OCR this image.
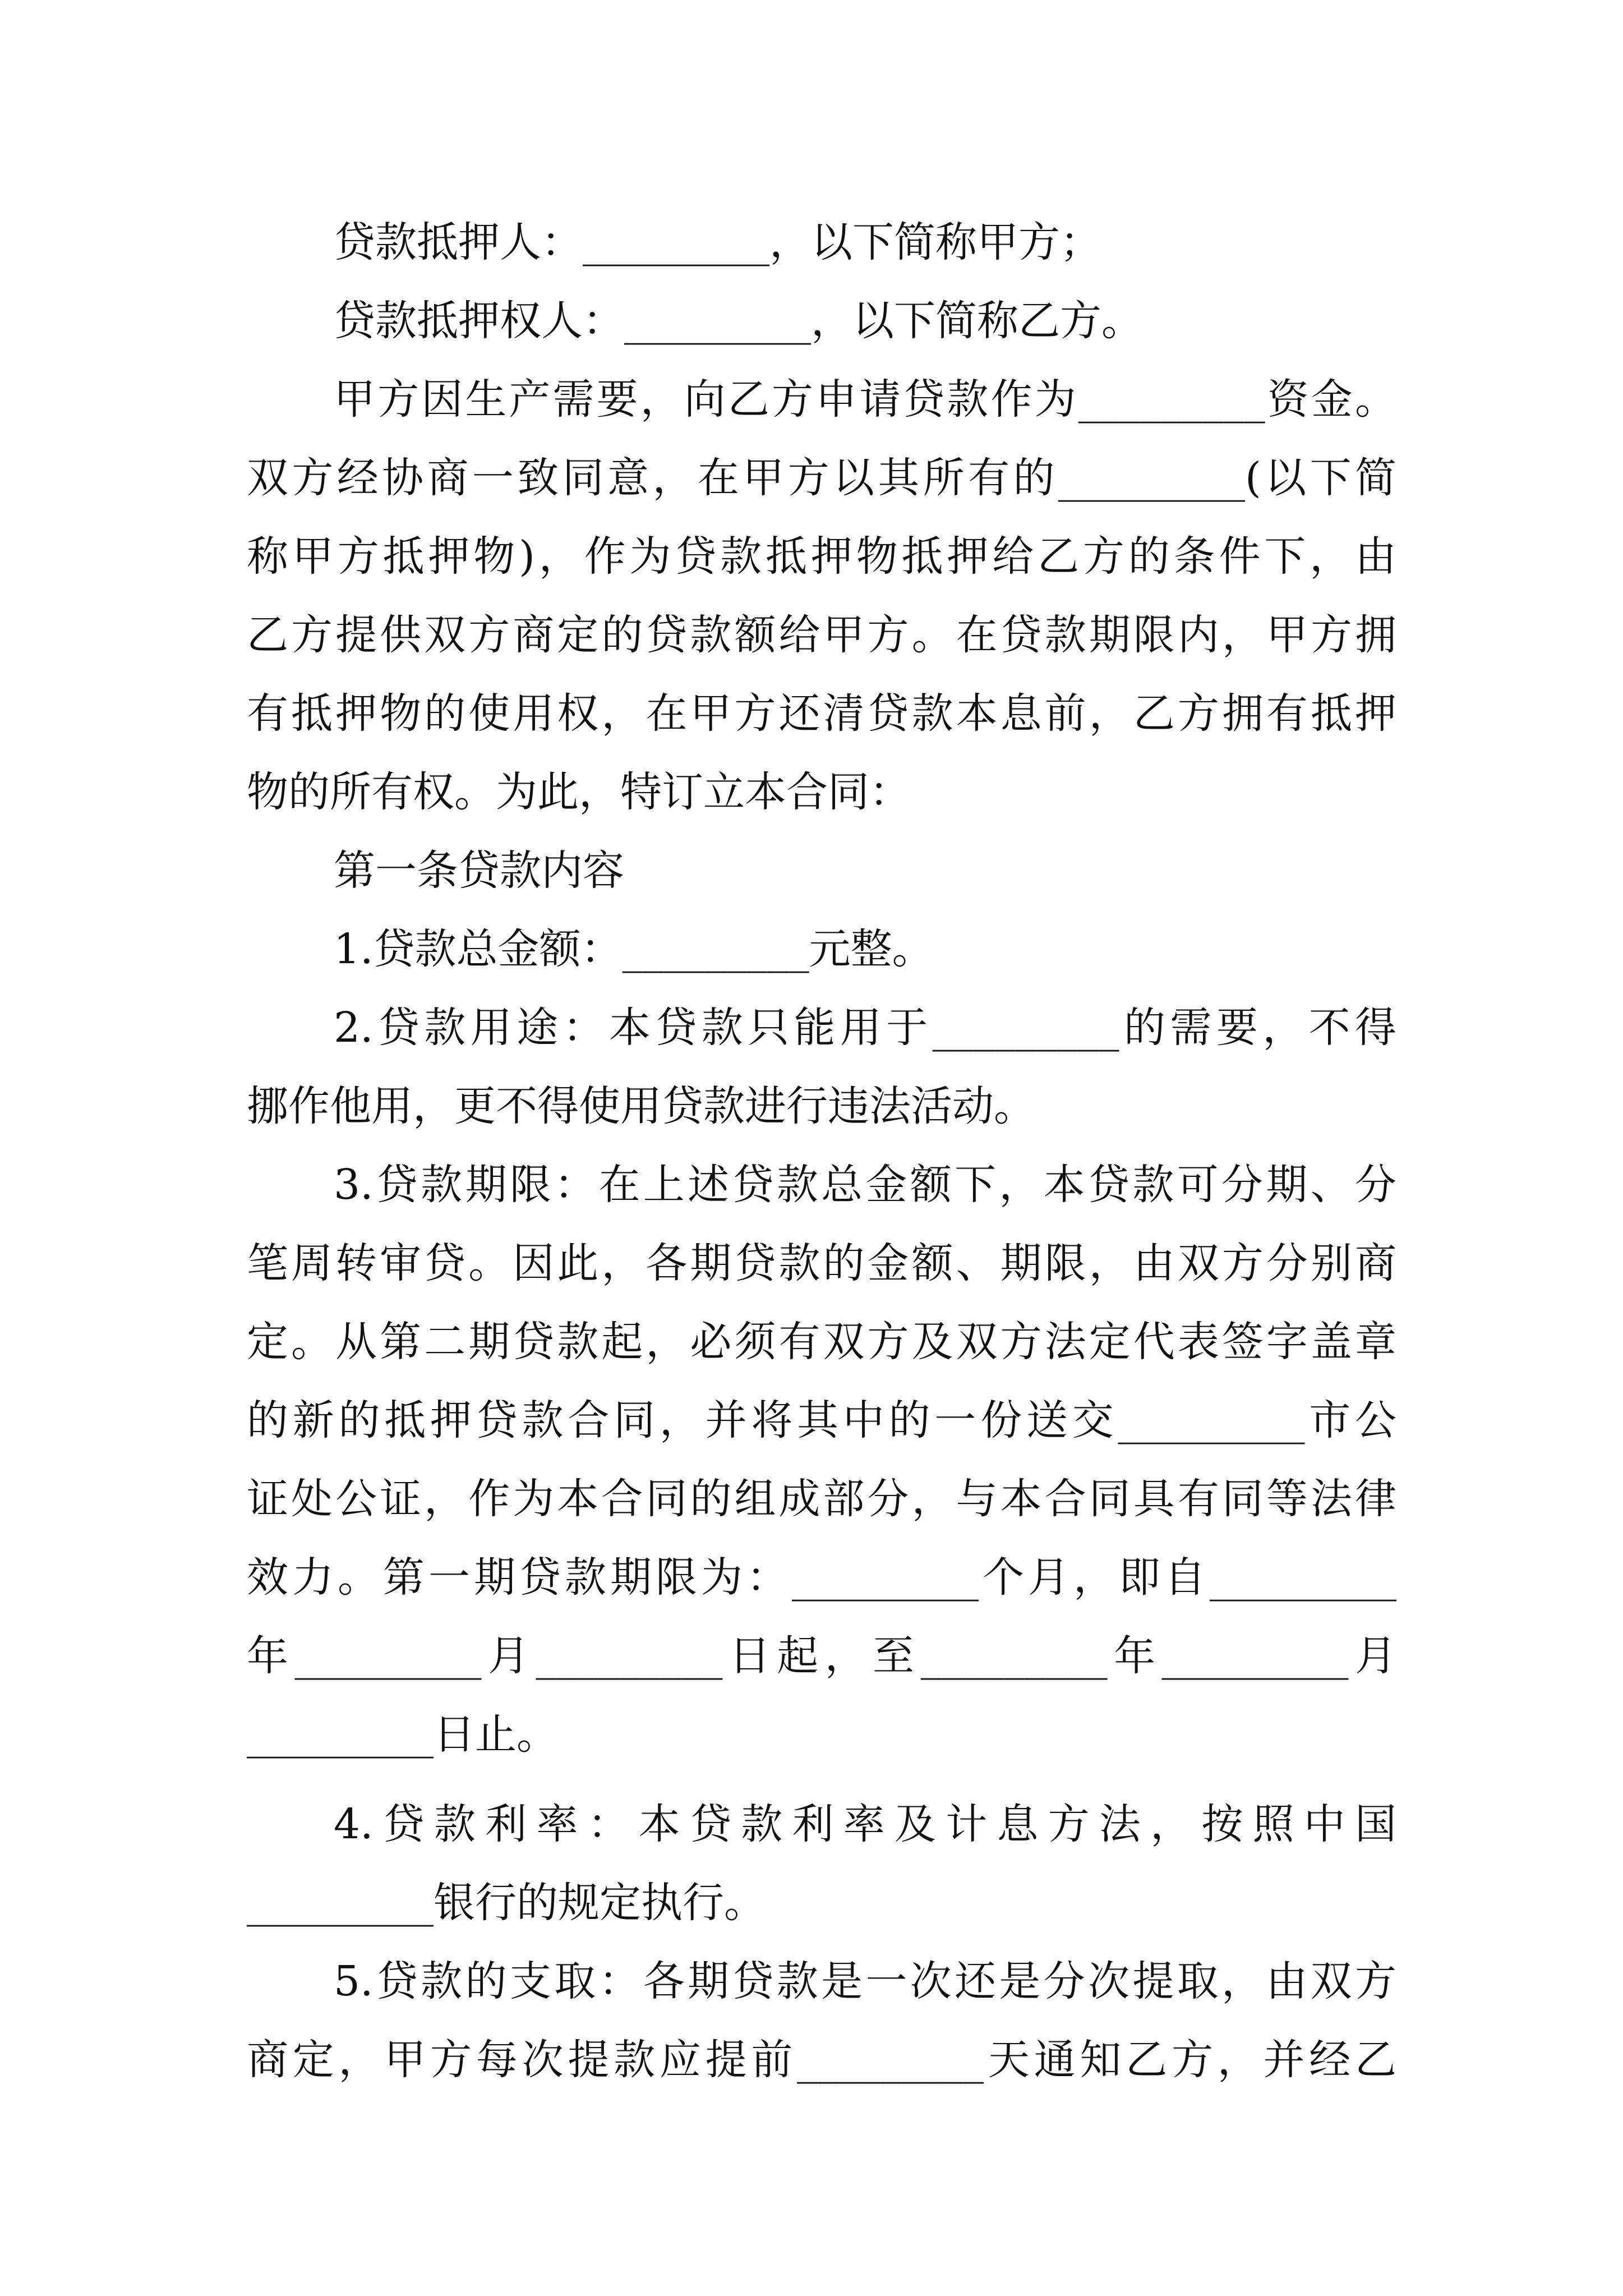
贷款抵押人：_________，以下简称甲方；
贷款抵押权人：_________，以下简称乙方。
甲方因生产需要，向乙方申请贷款作为_________资金。
双方经协商一致同意，在甲方以其所有的_________(以下简
称甲方抵押物)，作为贷款抵押物抵押给乙方的条件下，由
乙方提供双方商定的贷款额给甲方。在贷款期限内，甲方拥
有抵押物的使用权，在甲方还清贷款本息前，乙方拥有抵押
物的所有权。为此，特订立本合同：
第一条贷款内容
1.贷款总金额：_________元整。
2.贷款用途：本贷款只能用于_________的需要，不得
挪作他用，更不得使用贷款进行违法活动。
3.贷款期限：在上述贷款总金额下，本贷款可分期、分
笔周转审贷。因此，各期贷款的金额、期限，由双方分别商
定。从第二期贷款起，必须有双方及双方法定代表签字盖章
的新的抵押贷款合同，并将其中的一份送交_________市公
证处公证，作为本合同的组成部分，与本合同具有同等法律
效力。第一期贷款期限为：_________个月，即自_________
年_________月_________日起，至_________年_________月
_________日止。
4.贷款利率：本贷款利率及计息方法，按照中国
_________银行的规定执行。
5.贷款的支取：各期贷款是一次还是分次提取，由双方
商定，甲方每次提款应提前_________天通知乙方，并经乙
